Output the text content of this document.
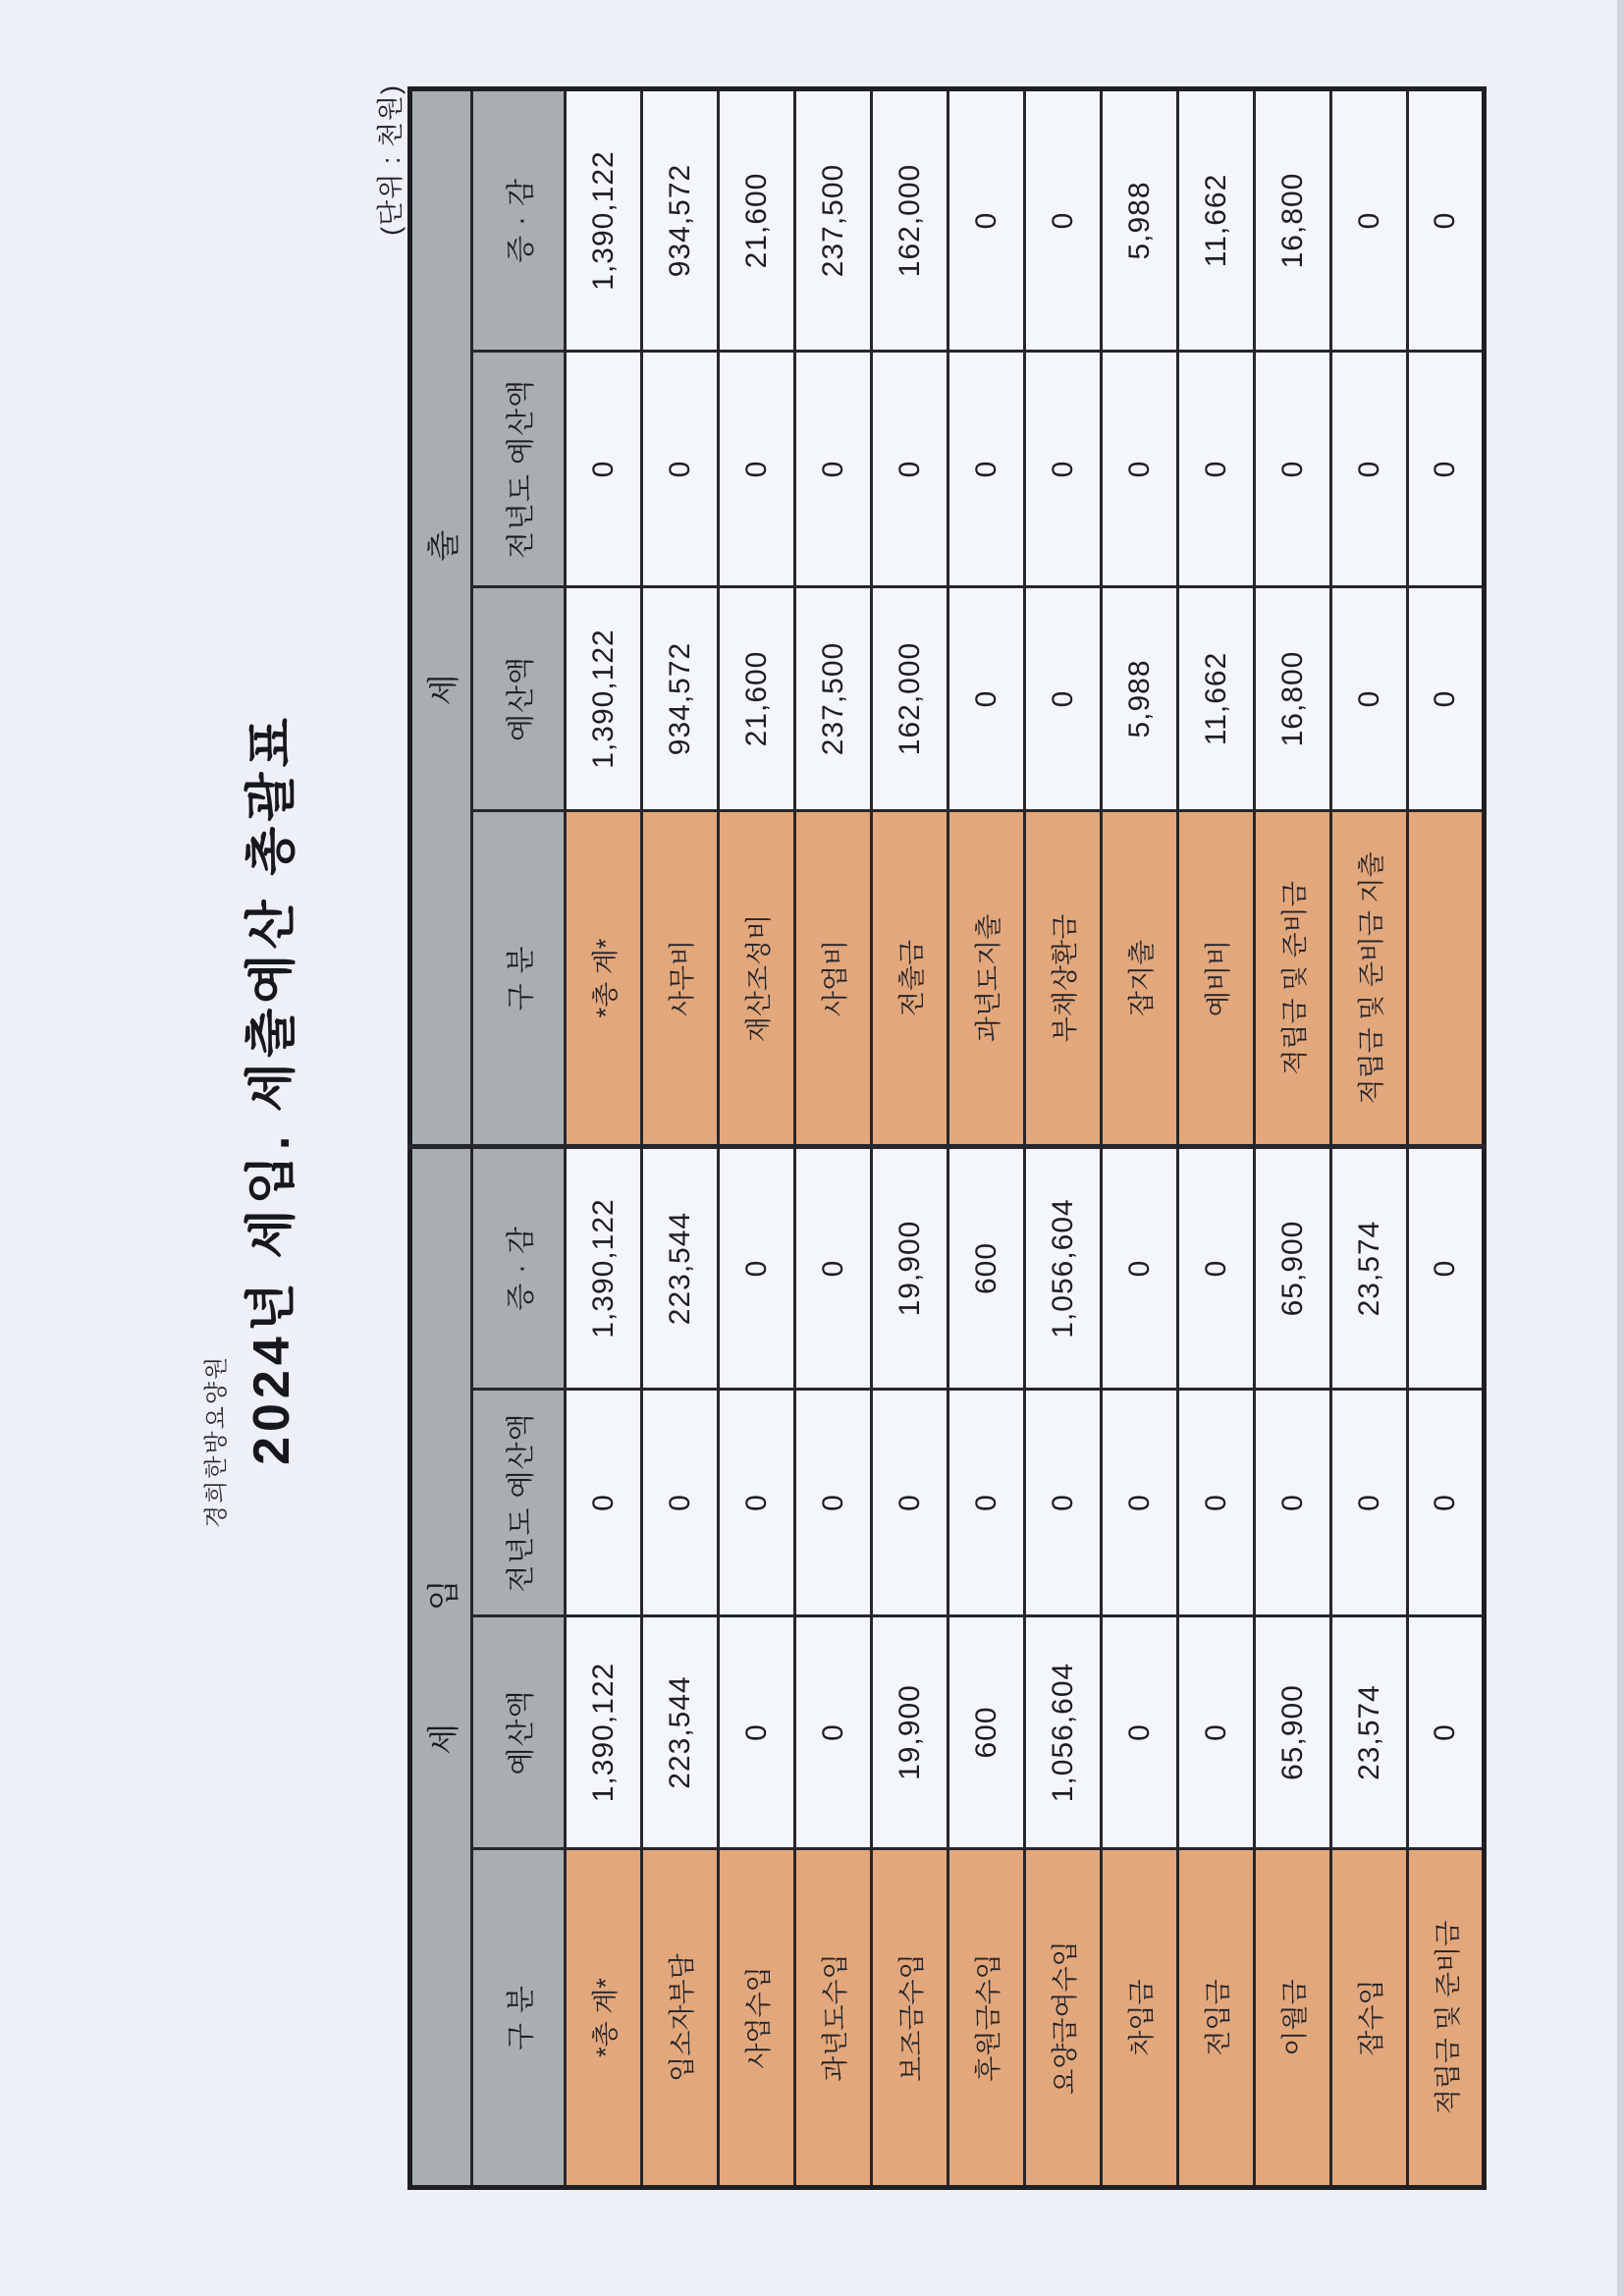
경희한방요양원 2024년 세입. 세출예산 총괄표
(단위 : 천원)
세 입				세 출			
구 분	예산액	전년도 예산액	증 · 감	구 분	예산액	전년도 예산액	증 · 감
*총 계*	1,390,122	0	1,390,122	*총 계*	1,390,122	0	1,390,122
입소자부담	223,544	0	223,544	사무비	934,572	0	934,572
사업수입	0	0	0	재산조성비	21,600	0	21,600
과년도수입	0	0	0	사업비	237,500	0	237,500
보조금수입	19,900	0	19,900	전출금	162,000	0	162,000
후원금수입	600	0	600	과년도지출	0	0	0
요양급여수입	1,056,604	0	1,056,604	부채상환금	0	0	0
차입금	0	0	0	잡지출	5,988	0	5,988
전입금	0	0	0	예비비	11,662	0	11,662
이월금	65,900	0	65,900	적립금 및 준비금	16,800	0	16,800
잡수입	23,574	0	23,574	적립금 및 준비금 지출	0	0	0
적립금 및 준비금	0	0	0		0	0	0
